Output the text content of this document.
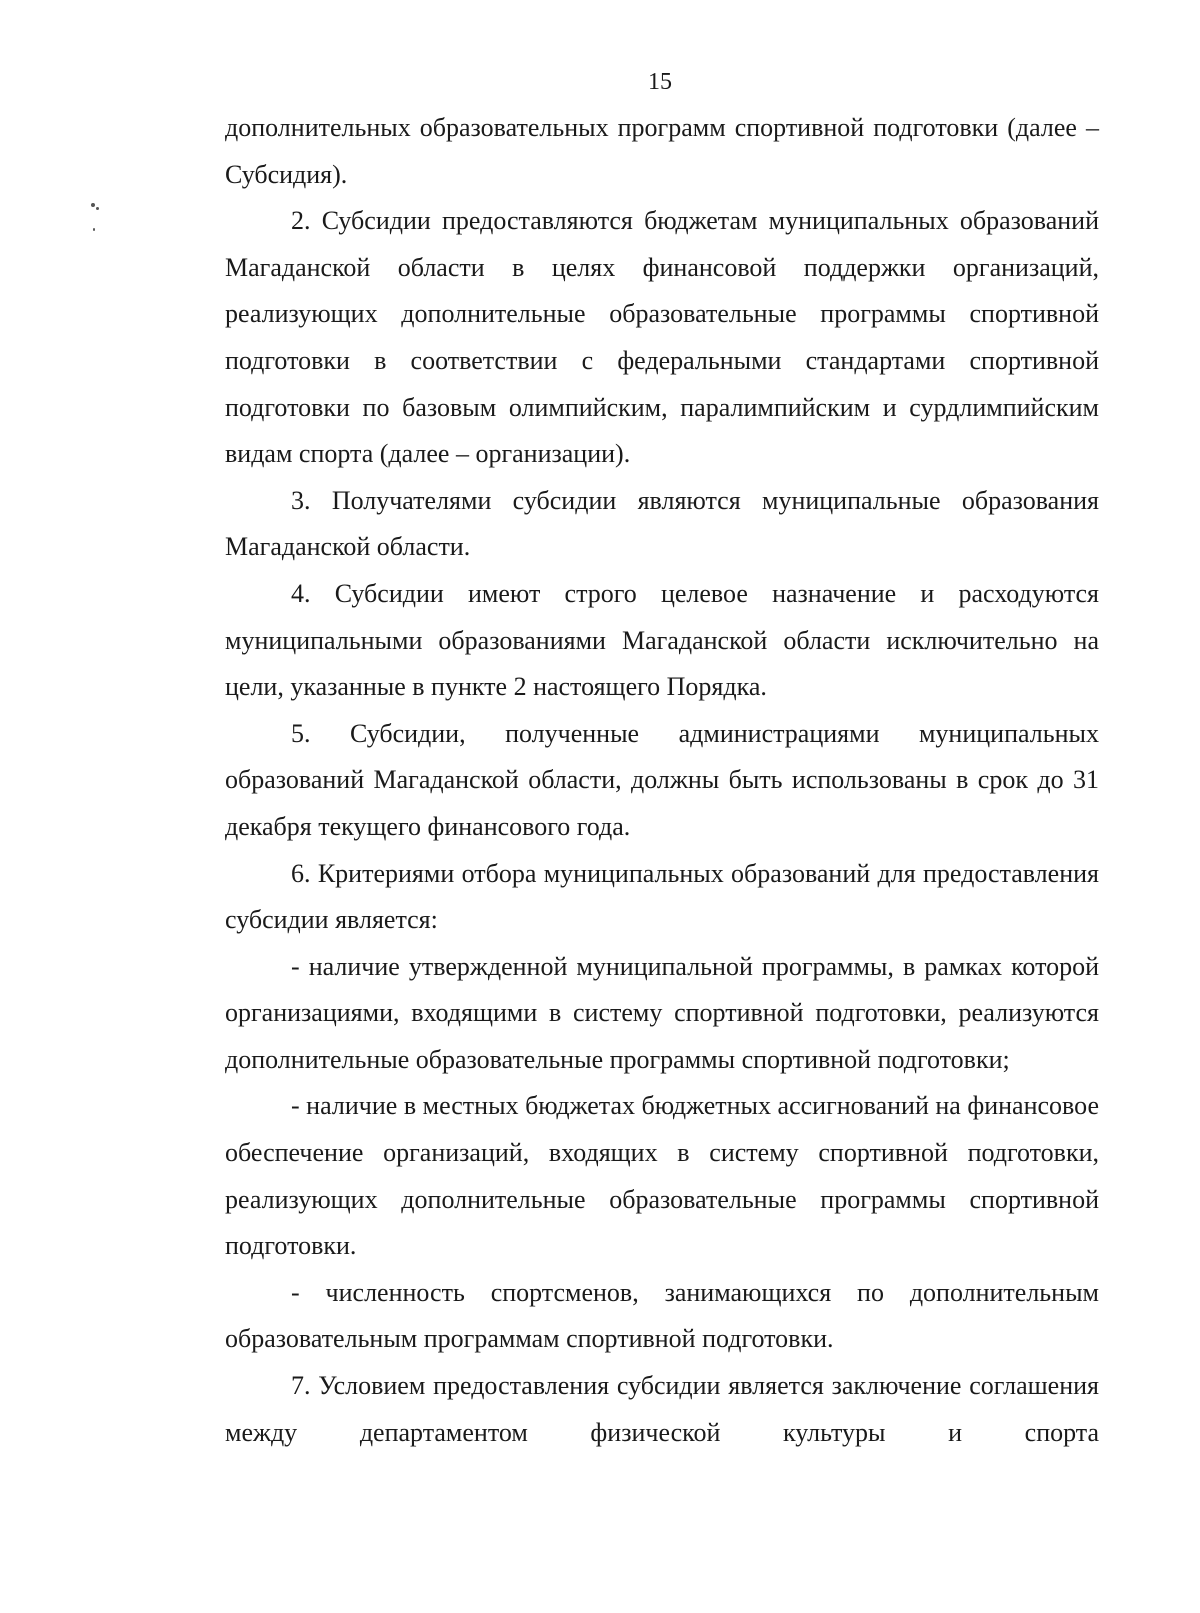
15

дополнительных образовательных программ спортивной подготовки (далее – Субсидия).

2. Субсидии предоставляются бюджетам муниципальных образований Магаданской области в целях финансовой поддержки организаций, реализующих дополнительные образовательные программы спортивной подготовки в соответствии с федеральными стандартами спортивной подготовки по базовым олимпийским, паралимпийским и сурдлимпийским видам спорта (далее – организации).

3. Получателями субсидии являются муниципальные образования Магаданской области.

4. Субсидии имеют строго целевое назначение и расходуются муниципальными образованиями Магаданской области исключительно на цели, указанные в пункте 2 настоящего Порядка.

5. Субсидии, полученные администрациями муниципальных образований Магаданской области, должны быть использованы в срок до 31 декабря текущего финансового года.

6. Критериями отбора муниципальных образований для предоставления субсидии является:

- наличие утвержденной муниципальной программы, в рамках которой организациями, входящими в систему спортивной подготовки, реализуются дополнительные образовательные программы спортивной подготовки;

- наличие в местных бюджетах бюджетных ассигнований на финансовое обеспечение организаций, входящих в систему спортивной подготовки, реализующих дополнительные образовательные программы спортивной подготовки.

- численность спортсменов, занимающихся по дополнительным образовательным программам спортивной подготовки.

7. Условием предоставления субсидии является заключение соглашения между департаментом физической культуры и спорта
